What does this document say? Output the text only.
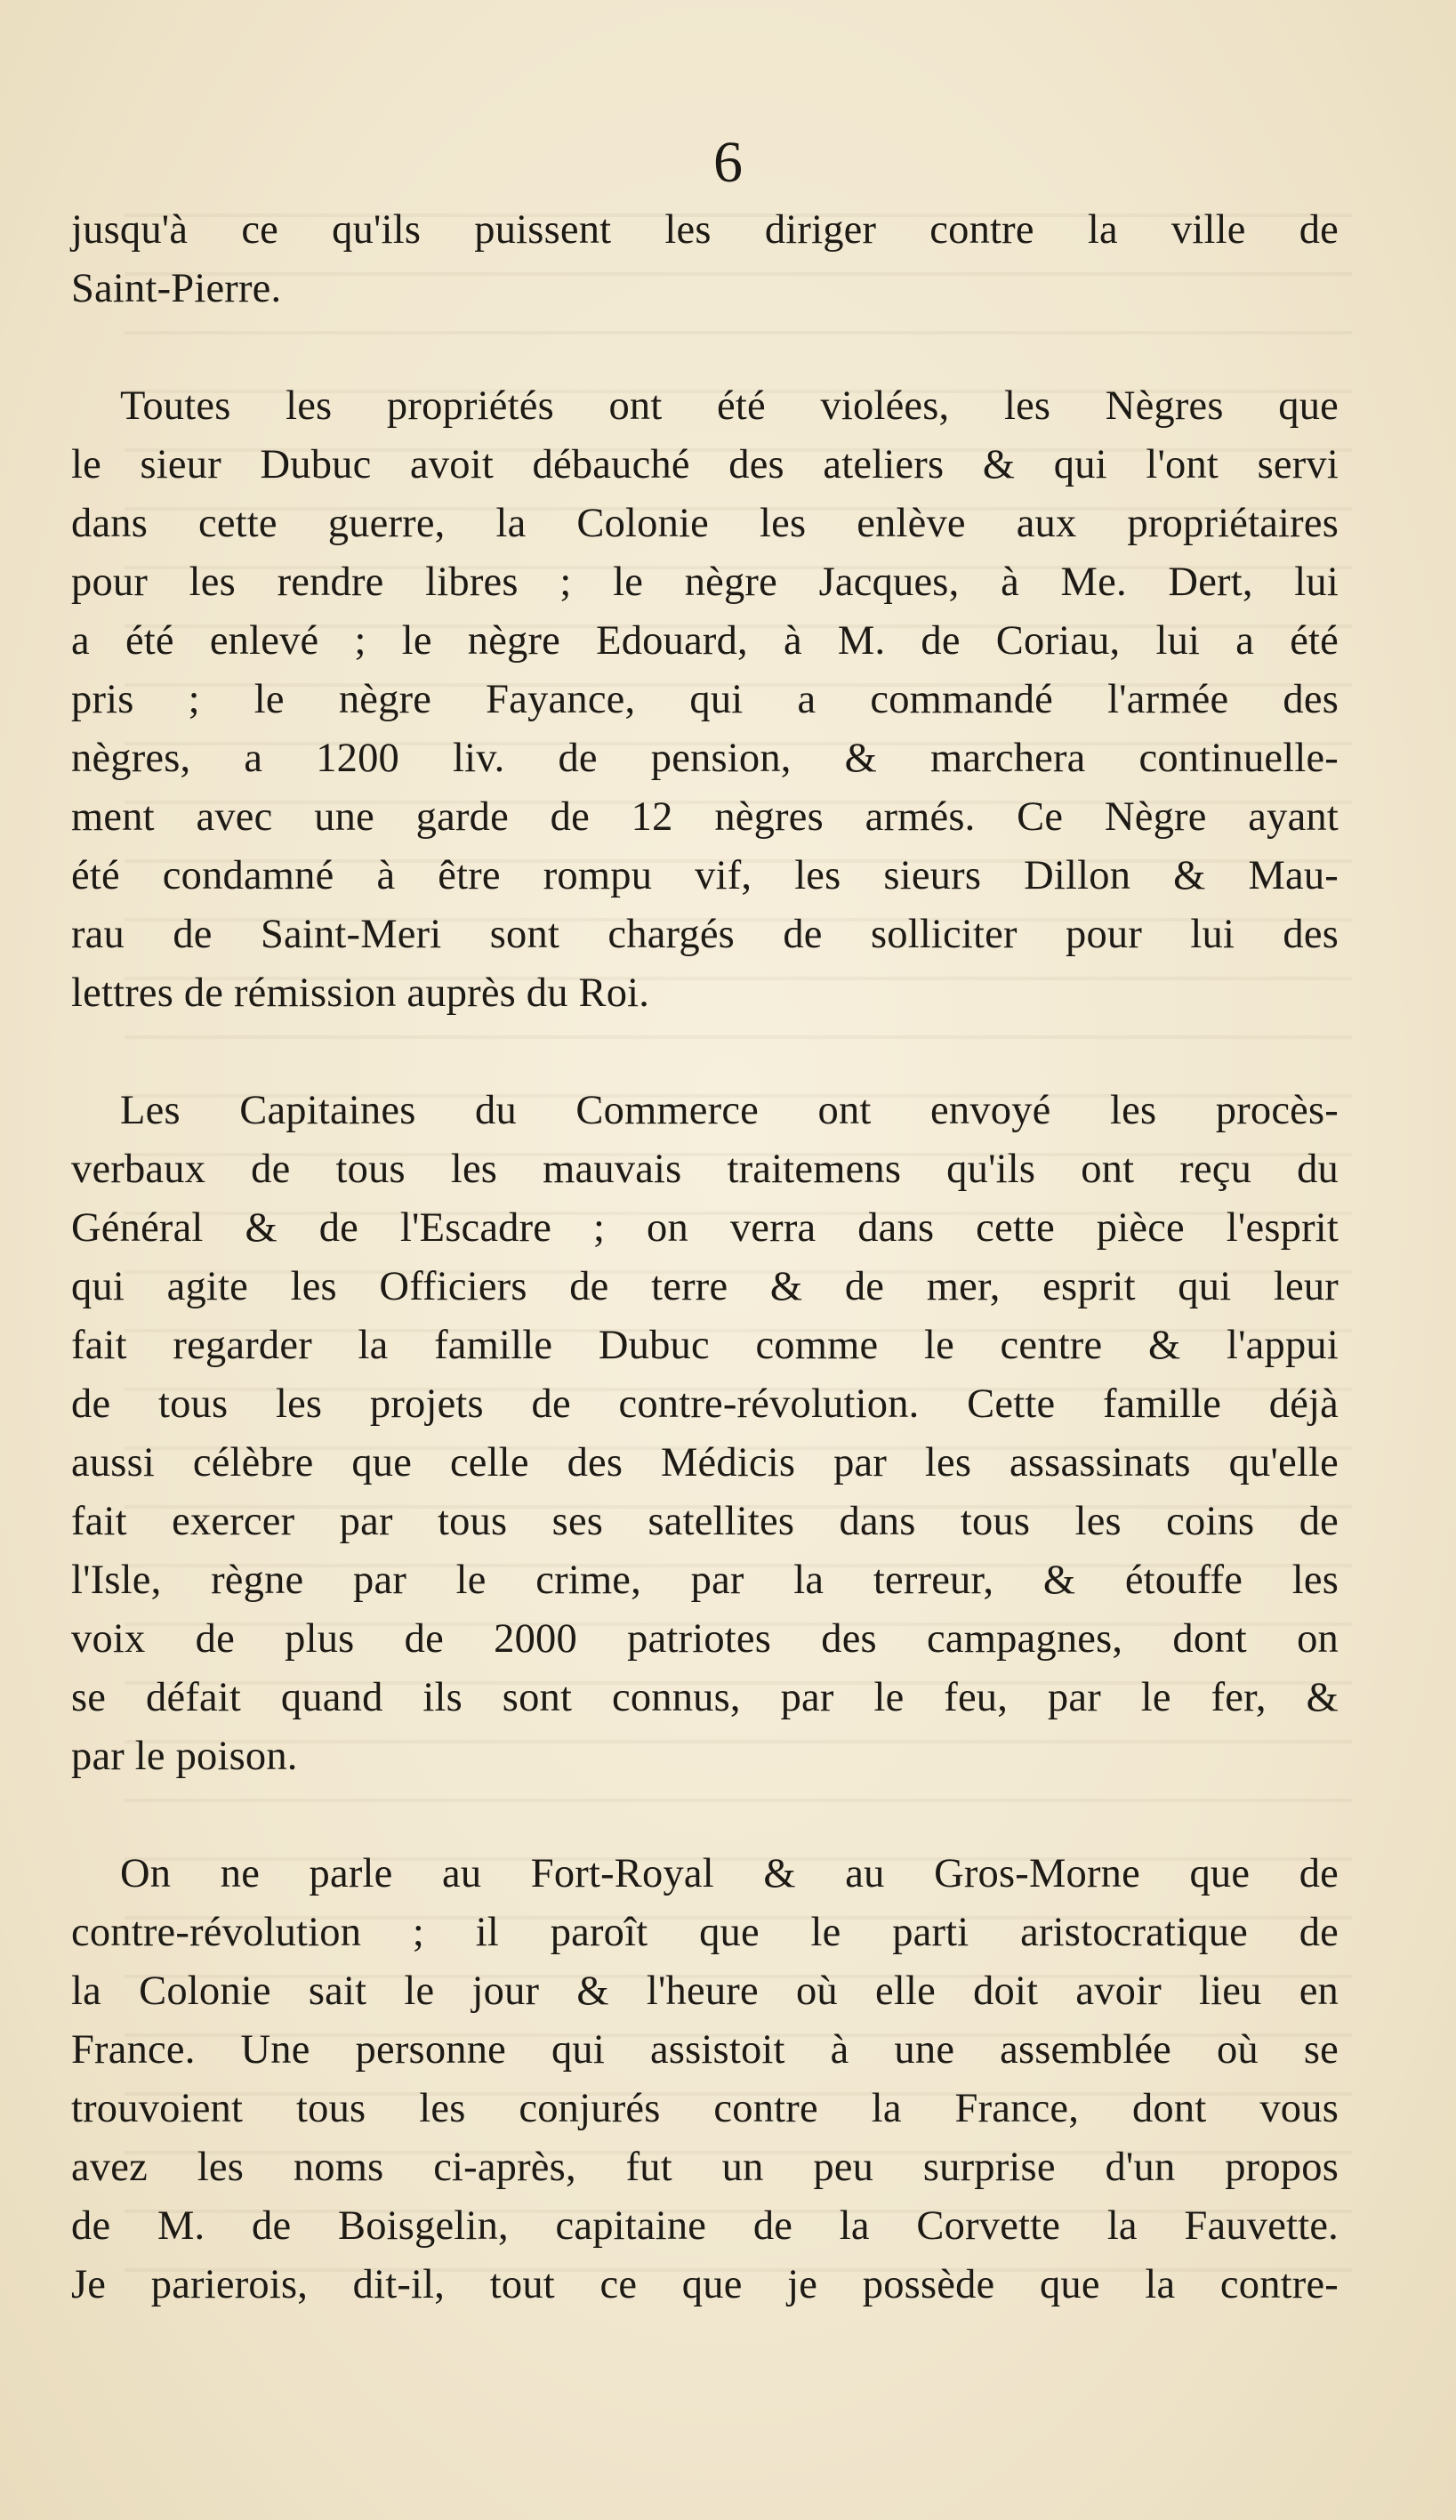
6
jusqu'à ce qu'ils puissent les diriger contre la ville de
Saint-Pierre.
Toutes les propriétés ont été violées, les Nègres que
le sieur Dubuc avoit débauché des ateliers & qui l'ont servi
dans cette guerre, la Colonie les enlève aux propriétaires
pour les rendre libres ; le nègre Jacques, à Me. Dert, lui
a été enlevé ; le nègre Edouard, à M. de Coriau, lui a été
pris ; le nègre Fayance, qui a commandé l'armée des
nègres, a 1200 liv. de pension, & marchera continuelle-
ment avec une garde de 12 nègres armés. Ce Nègre ayant
été condamné à être rompu vif, les sieurs Dillon & Mau-
rau de Saint-Meri sont chargés de solliciter pour lui des
lettres de rémission auprès du Roi.
Les Capitaines du Commerce ont envoyé les procès-
verbaux de tous les mauvais traitemens qu'ils ont reçu du
Général & de l'Escadre ; on verra dans cette pièce l'esprit
qui agite les Officiers de terre & de mer, esprit qui leur
fait regarder la famille Dubuc comme le centre & l'appui
de tous les projets de contre-révolution. Cette famille déjà
aussi célèbre que celle des Médicis par les assassinats qu'elle
fait exercer par tous ses satellites dans tous les coins de
l'Isle, règne par le crime, par la terreur, & étouffe les
voix de plus de 2000 patriotes des campagnes, dont on
se défait quand ils sont connus, par le feu, par le fer, &
par le poison.
On ne parle au Fort-Royal & au Gros-Morne que de
contre-révolution ; il paroît que le parti aristocratique de
la Colonie sait le jour & l'heure où elle doit avoir lieu en
France. Une personne qui assistoit à une assemblée où se
trouvoient tous les conjurés contre la France, dont vous
avez les noms ci-après, fut un peu surprise d'un propos
de M. de Boisgelin, capitaine de la Corvette la Fauvette.
Je parierois, dit-il, tout ce que je possède que la contre-
